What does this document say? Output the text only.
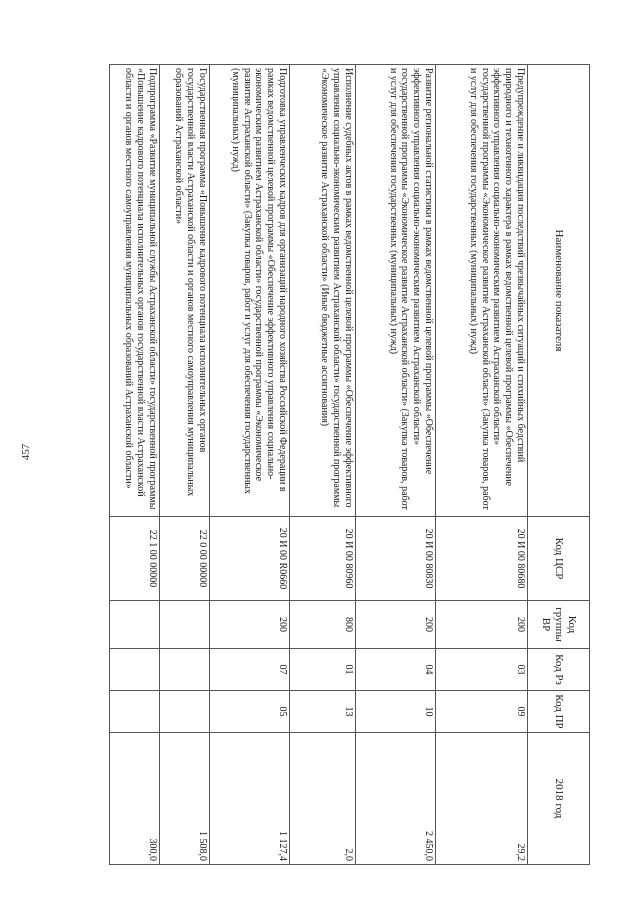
457
Наименование показателя	Код ЦСР	Код группы ВР	Код Рз	Код ПР	2018 год
Предупреждение и ликвидация последствий чрезвычайных ситуаций и стихийных бедствий природного и техногенного характера в рамках ведомственной целевой программы «Обеспечение эффективного управления социально-экономическим развитием Астраханской области» государственной программы «Экономическое развитие Астраханской области» (Закупка товаров, работ и услуг для обеспечения государственных (муниципальных) нужд)	20 И 00 80680	200	03	09	29,2
Развитие региональной статистики в рамках ведомственной целевой программы «Обеспечение эффективного управления социально-экономическим развитием Астраханской области» государственной программы «Экономическое развитие Астраханской области» (Закупка товаров, работ и услуг для обеспечения государственных (муниципальных) нужд)	20 И 00 80830	200	04	10	2 450,0
Исполнение судебных актов в рамках ведомственной целевой программы «Обеспечение эффективного управления социально-экономическим развитием Астраханской области» государственной программы «Экономическое развитие Астраханской области» (Иные бюджетные ассигнования)	20 И 00 80960	800	01	13	2,0
Подготовка управленческих кадров для организаций народного хозяйства Российской Федерации в рамках ведомственной целевой программы «Обеспечение эффективного управления социально-экономическим развитием Астраханской области» государственной программы «Экономическое развитие Астраханской области» (Закупка товаров, работ и услуг для обеспечения государственных (муниципальных) нужд)	20 И 00 R0660	200	07	05	1 127,4
Государственная программа «Повышение кадрового потенциала исполнительных органов государственной власти Астраханской области и органов местного самоуправления муниципальных образований Астраханской области»	22 0 00 00000				1 508,0
Подпрограмма «Развитие муниципальной службы Астраханской области» государственной программы «Повышение кадрового потенциала исполнительных органов государственной власти Астраханской области и органов местного самоуправления муниципальных образований Астраханской области»	22 1 00 00000				300,0
